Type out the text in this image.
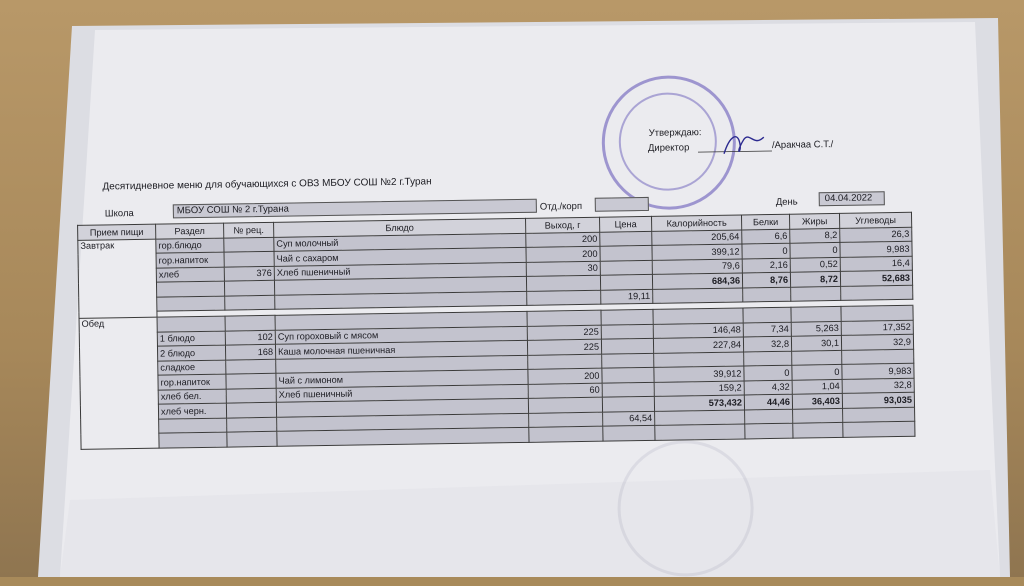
Утверждаю:
Директор	/Аракчаа С.Т./
Десятидневное меню для обучающихся с ОВЗ МБОУ СОШ №2 г.Туран
Школа	МБОУ СОШ № 2 г.Турана	Отд./корп	День	04.04.2022
Прием пищи	Раздел	№ рец.	Блюдо	Выход, г	Цена	Калорийность	Белки	Жиры	Углеводы
Завтрак	гор.блюдо		Суп молочный	200		205,64	6,6	8,2	26,3
	гор.напиток		Чай с сахаром	200		399,12	0	0	9,983
	хлеб	376	Хлеб пшеничный	30		79,6	2,16	0,52	16,4
						684,36	8,76	8,72	52,683
					19,11				

Обед									
	1 блюдо	102	Суп гороховый с мясом	225		146,48	7,34	5,263	17,352
	2 блюдо	168	Каша молочная пшеничная	225		227,84	32,8	30,1	32,9
	сладкое								
	гор.напиток		Чай с лимоном	200		39,912	0	0	9,983
	хлеб бел.		Хлеб пшеничный	60		159,2	4,32	1,04	32,8
	хлеб черн.					573,432	44,46	36,403	93,035
					64,54				
